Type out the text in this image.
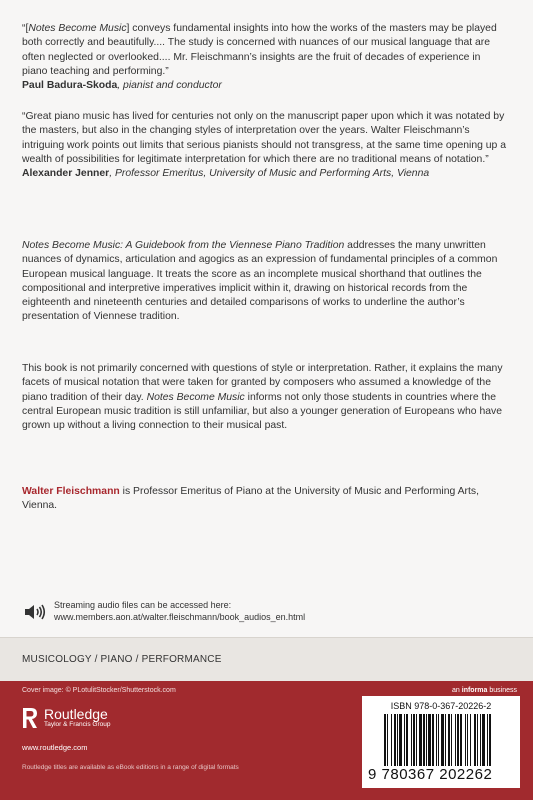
“[Notes Become Music] conveys fundamental insights into how the works of the masters may be played both correctly and beautifully.... The study is concerned with nuances of our musical language that are often neglected or overlooked.... Mr. Fleischmann’s insights are the fruit of decades of experience in piano teaching and performing.”

Paul Badura-Skoda, pianist and conductor

“Great piano music has lived for centuries not only on the manuscript paper upon which it was notated by the masters, but also in the changing styles of interpretation over the years. Walter Fleischmann’s intriguing work points out limits that serious pianists should not transgress, at the same time opening up a wealth of possibilities for legitimate interpretation for which there are no traditional means of notation.”

Alexander Jenner, Professor Emeritus, University of Music and Performing Arts, Vienna

Notes Become Music: A Guidebook from the Viennese Piano Tradition addresses the many unwritten nuances of dynamics, articulation and agogics as an expression of fundamental principles of a common European musical language. It treats the score as an incomplete musical shorthand that outlines the compositional and interpretive imperatives implicit within it, drawing on historical records from the eighteenth and nineteenth centuries and detailed comparisons of works to underline the author’s presentation of Viennese tradition.

This book is not primarily concerned with questions of style or interpretation. Rather, it explains the many facets of musical notation that were taken for granted by composers who assumed a knowledge of the piano tradition of their day. Notes Become Music informs not only those students in countries where the central European music tradition is still unfamiliar, but also a younger generation of Europeans who have grown up without a living connection to their musical past.

Walter Fleischmann is Professor Emeritus of Piano at the University of Music and Performing Arts, Vienna.

Streaming audio files can be accessed here:
www.members.aon.at/walter.fleischmann/book_audios_en.html
MUSICOLOGY / PIANO / PERFORMANCE
Cover image: © PLotulitStocker/Shutterstock.com	an informa business
Routledge
Taylor & Francis Group
www.routledge.com
Routledge titles are available as eBook editions in a range of digital formats
ISBN 978-0-367-20226-2
9 780367 202262
